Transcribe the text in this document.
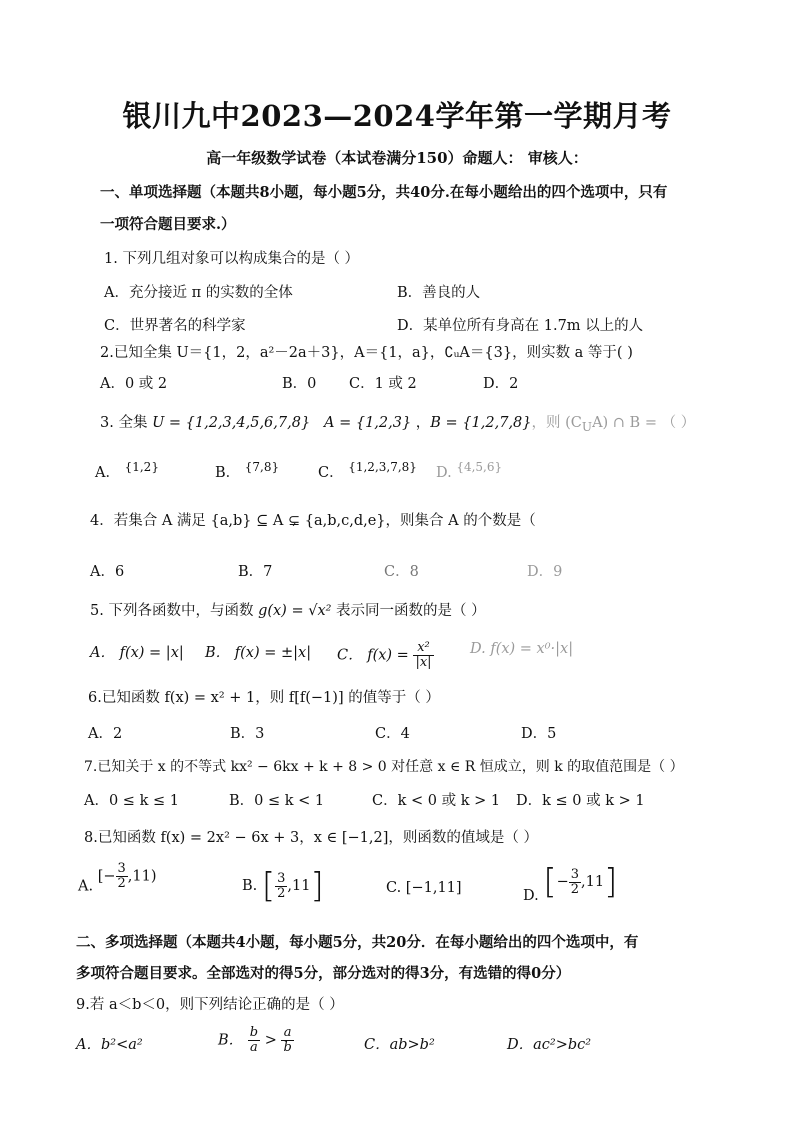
银川九中2023—2024学年第一学期月考
高一年级数学试卷（本试卷满分150）命题人： 审核人：
一、单项选择题（本题共8小题，每小题5分，共40分.在每小题给出的四个选项中，只有
一项符合题目要求.）
1. 下列几组对象可以构成集合的是（ ）
A．充分接近 π 的实数的全体	B．善良的人
C．世界著名的科学家	D．某单位所有身高在 1.7m 以上的人
2.已知全集 U＝{1，2，a²－2a＋3}，A＝{1，a}，∁ᵤA＝{3}，则实数 a 等于( )
A．0 或 2	B．0 C．1 或 2	D．2
3. 全集 U = {1,2,3,4,5,6,7,8} A = {1,2,3} ，B = {1,2,7,8}，则 $(C_UA)$ ∩ B = （ ）
A． $^{\{1,2\}}$	B． $^{\{7,8\}}$	C． $^{\{1,2,3,7,8\}}$ D. $^{\{4,5,6\}}$
4．若集合 A 满足 {a,b} ⊆ A ⊊ {a,b,c,d,e}，则集合 A 的个数是（
A．6	B．7	C．8	D．9
5. 下列各函数中，与函数 g(x) = √x² 表示同一函数的是（ ）
A． f(x) = |x| B． f(x) = ±|x| C． $f(x) = \frac{\text{x²}}{|x|}$	D. f(x) = x⁰·|x|
6.已知函数 f(x) = x² + 1，则 f[f(−1)] 的值等于（ ）
A．2	B．3	C．4	D．5
7.已知关于 x 的不等式 kx² − 6kx + k + 8 > 0 对任意 x ∈ R 恒成立，则 k 的取值范围是（ ）
A．0 ≤ k ≤ 1	B．0 ≤ k < 1	C．k < 0 或 k > 1 D．k ≤ 0 或 k > 1
8.已知函数 f(x) = 2x² − 6x + 3，x ∈ [−1,2]，则函数的值域是（ ）
A. [− $\frac{3}{2} ,11$)
B. [ $\frac{3}{2} ,11$]	C. [−1,11]	D. [− $\frac{3}{2} ,11$]
二、多项选择题（本题共4小题，每小题5分，共20分．在每小题给出的四个选项中，有
多项符合题目要求。全部选对的得5分，部分选对的得3分，有选错的得0分）
9.若 a＜b＜0，则下列结论正确的是（ ）
A．b²<a²	B． $\frac{b}{a} > \frac{a}{b}$	C．ab>b²	D．ac²>bc²
